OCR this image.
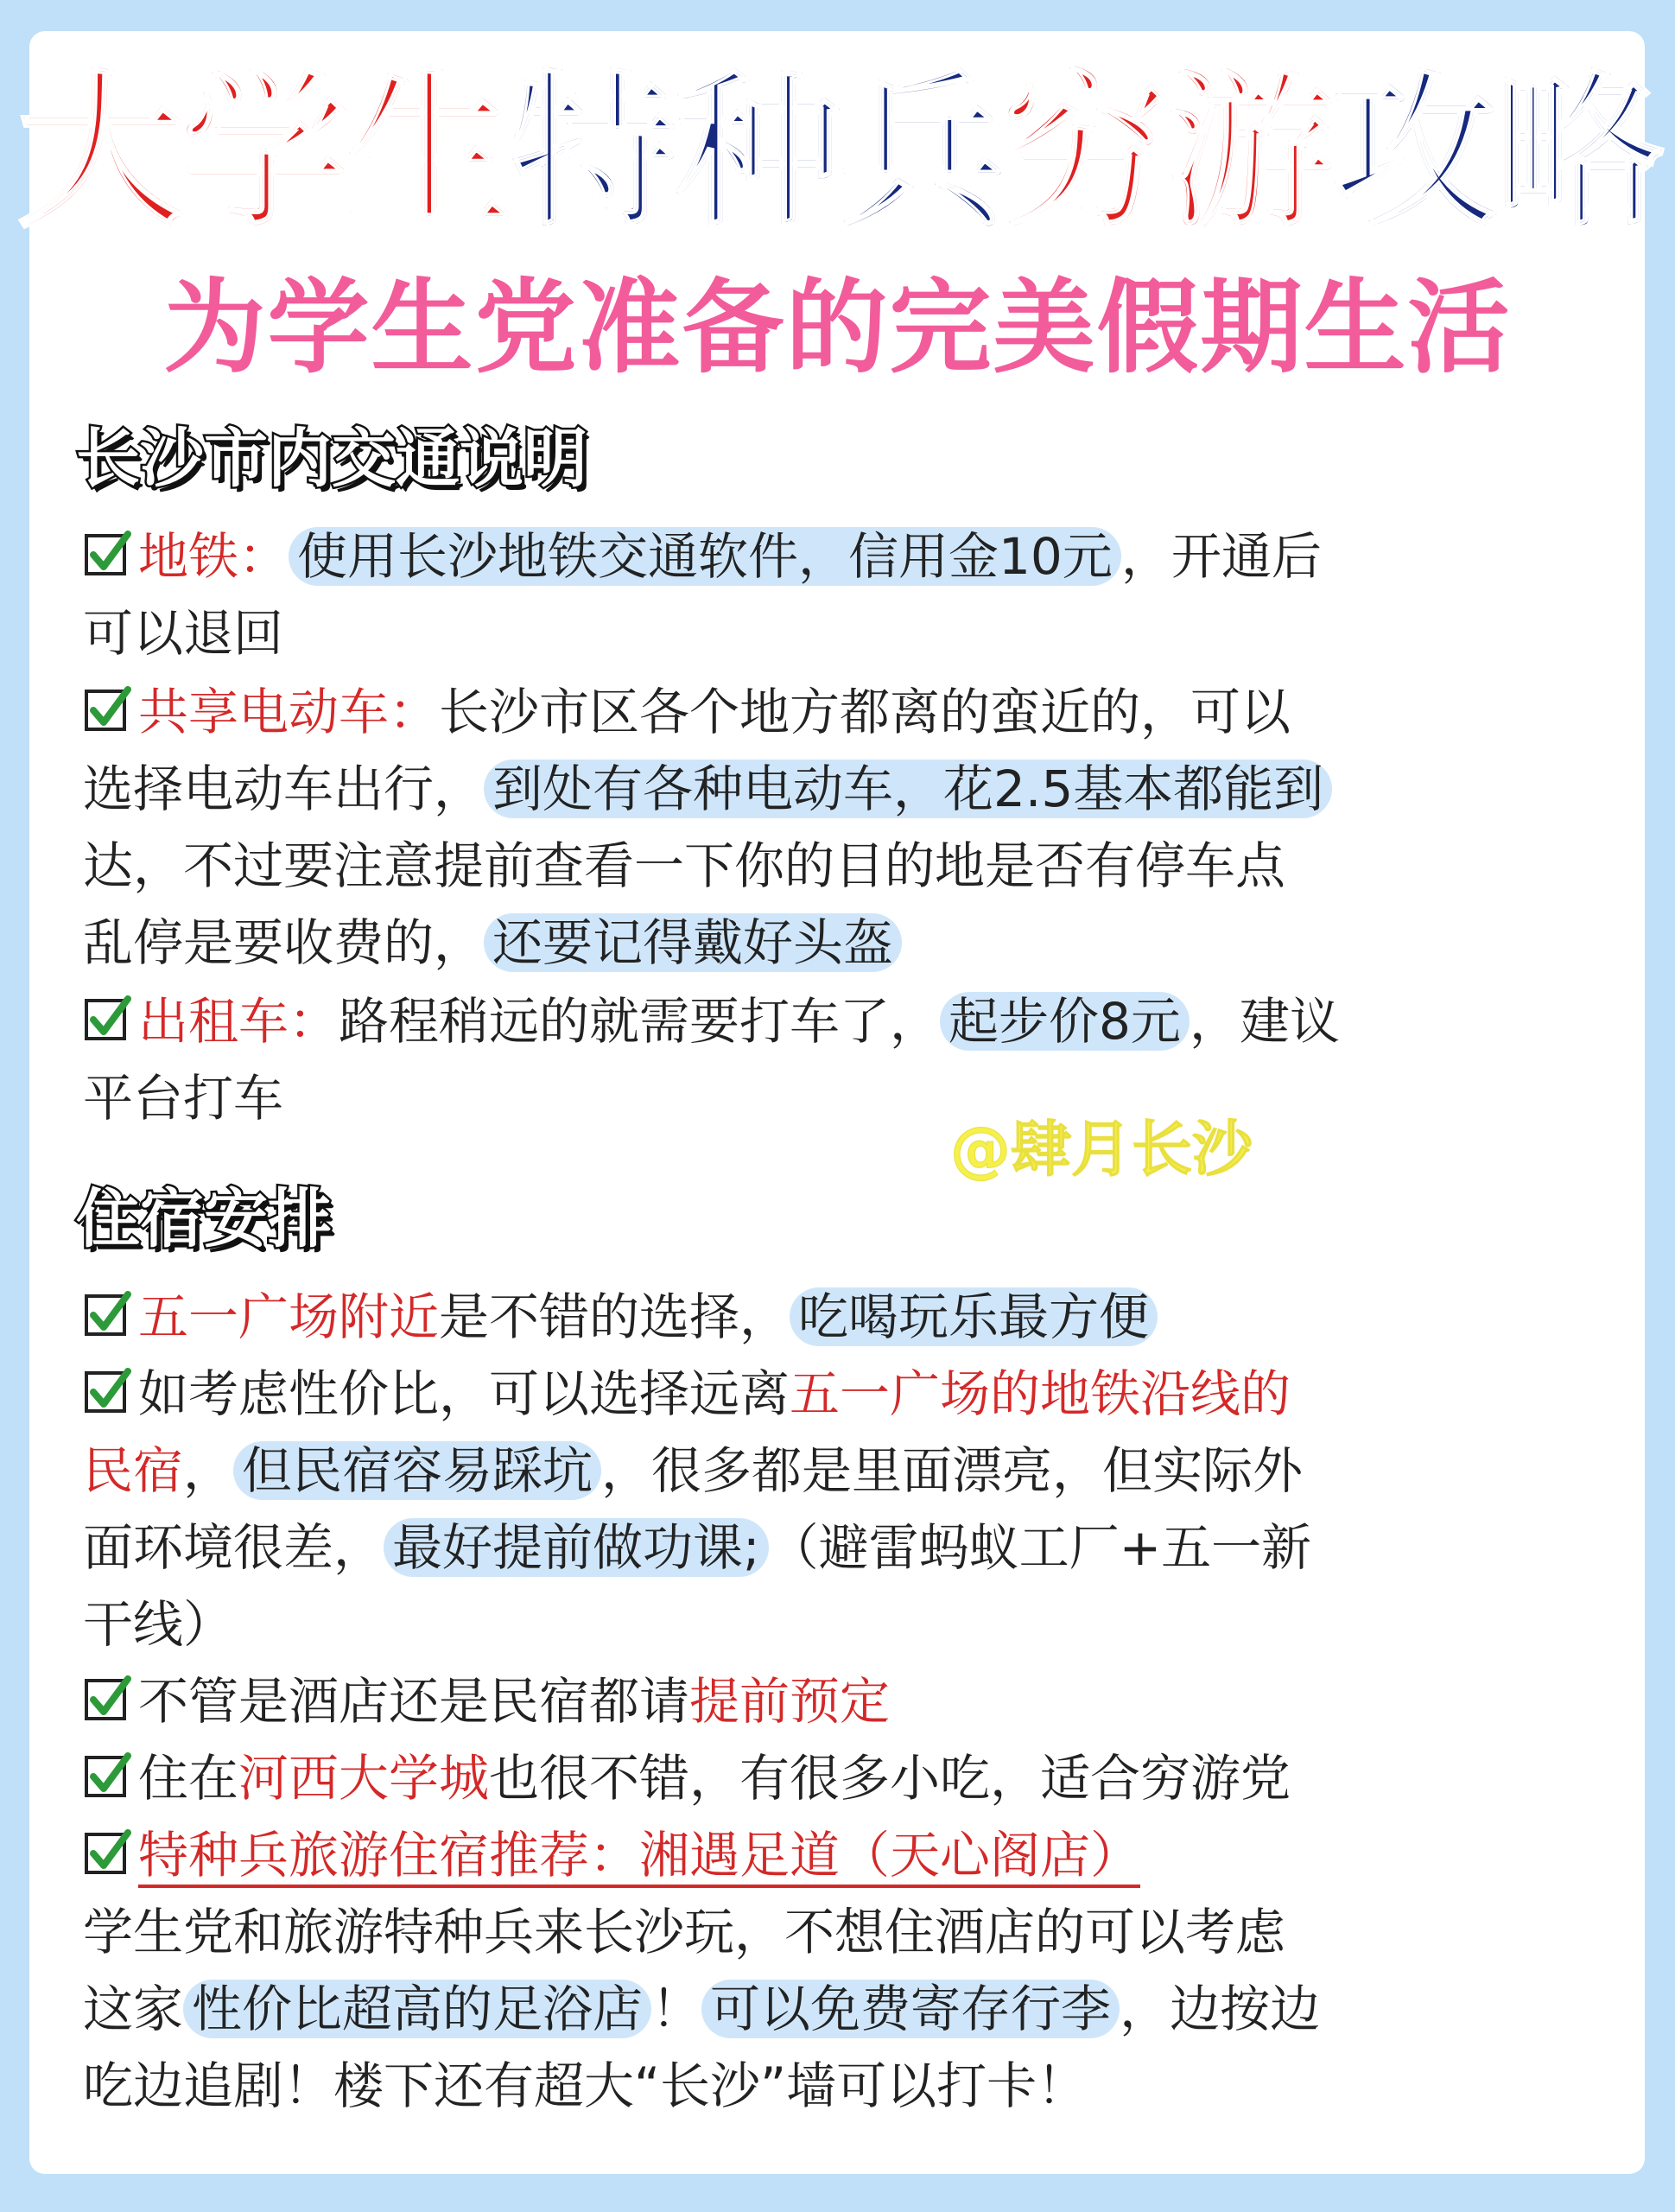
大学生特种兵穷游攻略
为学生党准备的完美假期生活
长沙市内交通说明
地铁： 使用长沙地铁交通软件，信用金10元 ，开通后
可以退回
共享电动车：长沙市区各个地方都离的蛮近的，可以
选择电动车出行， 到处有各种电动车，花2.5基本都能到
达，不过要注意提前查看一下你的目的地是否有停车点
乱停是要收费的， 还要记得戴好头盔
出租车：路程稍远的就需要打车了， 起步价8元 ，建议
平台打车
@肆月长沙
住宿安排
五一广场附近是不错的选择， 吃喝玩乐最方便
如考虑性价比，可以选择远离五一广场的地铁沿线的
民宿， 但民宿容易踩坑 ，很多都是里面漂亮，但实际外
面环境很差， 最好提前做功课; （避雷蚂蚁工厂+五一新
干线）
不管是酒店还是民宿都请提前预定
住在河西大学城也很不错，有很多小吃，适合穷游党
特种兵旅游住宿推荐：湘遇足道（天心阁店）
学生党和旅游特种兵来长沙玩，不想住酒店的可以考虑
这家 性价比超高的足浴店 ！ 可以免费寄存行李 ，边按边
吃边追剧！楼下还有超大“长沙”墙可以打卡！
